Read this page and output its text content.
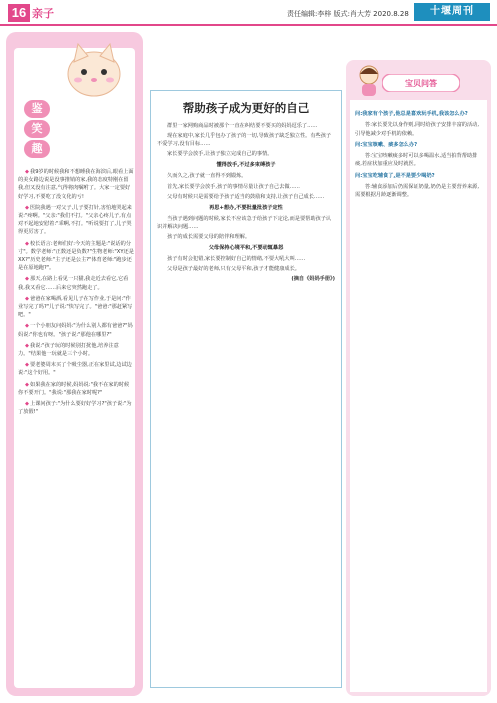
16 亲子	责任编辑:李梓 版式:肖大芳 2020.8.28	十堰周刊
鉴
笑
趣

◆ 我9岁的时候我和不想睡我在海滨后,眼看上面的美女路边说是没事推销的家,我的态度特刚在留我,但又没有注意,气得将肉嘱咐了。大家一定要好好学习,不要吃了没文化的亏!

◆ 医院我遇一对父子,儿子要打针,害怕地哭起来说:"疼啊。"父亲:"我们不打。"父亲心疼儿子,有点对不起地安慰着:"乖啊,不打。"听说要打了,儿子哭得更厉害了。

◆ 校长语言:老师们好:今天的主题是:"说话的分寸"。数学老师:"正数还是负数?"生物老师:"XY还是XX?"历史老师:"主子还是公主?"体育老师:"跑步还是在原地跑?"。

◆ 那天,在路上看见一只猫,我走近去看它,它看我,我又看它……后来它突然跑走了。

◆ 爸爸在家喝酒,看见儿子在写作业,于是问:"作业写完了吗?"儿子说:"快写完了。"爸爸:"那赶紧写吧。"

◆ 一个小朋友问妈妈:"为什么别人都有爸爸?"妈妈说:"你也有呀。"孩子说:"那他在哪里?"

◆ 我说:"孩子玩的时候别打扰他,培养注意力。"结果他一玩就是三个小时。

◆ 要老婆周末买了个吸尘器,正在家里试,边试边说:"这个好用。"

◆ 如果我在家的时候,妈妈说:"我不在家的时候你不要开门。"我说:"那我在家时呢?"

◆ 上课问孩子:"为什么要好好学习?"孩子说:"为了放假!"

帮助孩子成为更好的自己

群里一家网购商品时被那个一直在纠结要不要买的妈妈逗乐了……

现在家庭中,家长几乎包办了孩子的一切,导致孩子缺乏独立性。有些孩子不爱学习,没有目标……

家长要学会放手,让孩子独立完成自己的事情。

懂得放手,不过多束缚孩子

久而久之,孩子就一直得不到锻炼。

首先,家长要学会放手,孩子的事情尽量让孩子自己去做……

父母有时候只是需要给予孩子适当的鼓励和支持,让孩子自己成长……

再思+想办,不要批量批孩子定性

当孩子遇到问题的时候,家长不应该急于给孩子下定论,而是要帮助孩子认识并解决问题……

孩子的成长需要父母的陪伴和理解。

父母保持心境平和,不要动辄暴怒

孩子有时会犯错,家长要控制好自己的情绪,不要大吼大叫……

父母是孩子最好的老师,只有父母平和,孩子才能健康成长。

(摘自《妈妈手册》)

宝贝问答

问:我家有个孩子,他总是喜欢玩手机,我该怎么办?

答:家长要先以身作则,同时给孩子安排丰富的活动,引导他减少对手机的依赖。

问:宝宝咳嗽、痰多怎么办?

答:宝宝咳嗽痰多时可以多喝温水,适当拍背帮助排痰,若症状加重应及时就医。

问:宝宝吃辅食了,是不是要少喝奶?

答:辅食添加后仍需保证奶量,奶仍是主要营养来源,需要根据月龄逐渐调整。
